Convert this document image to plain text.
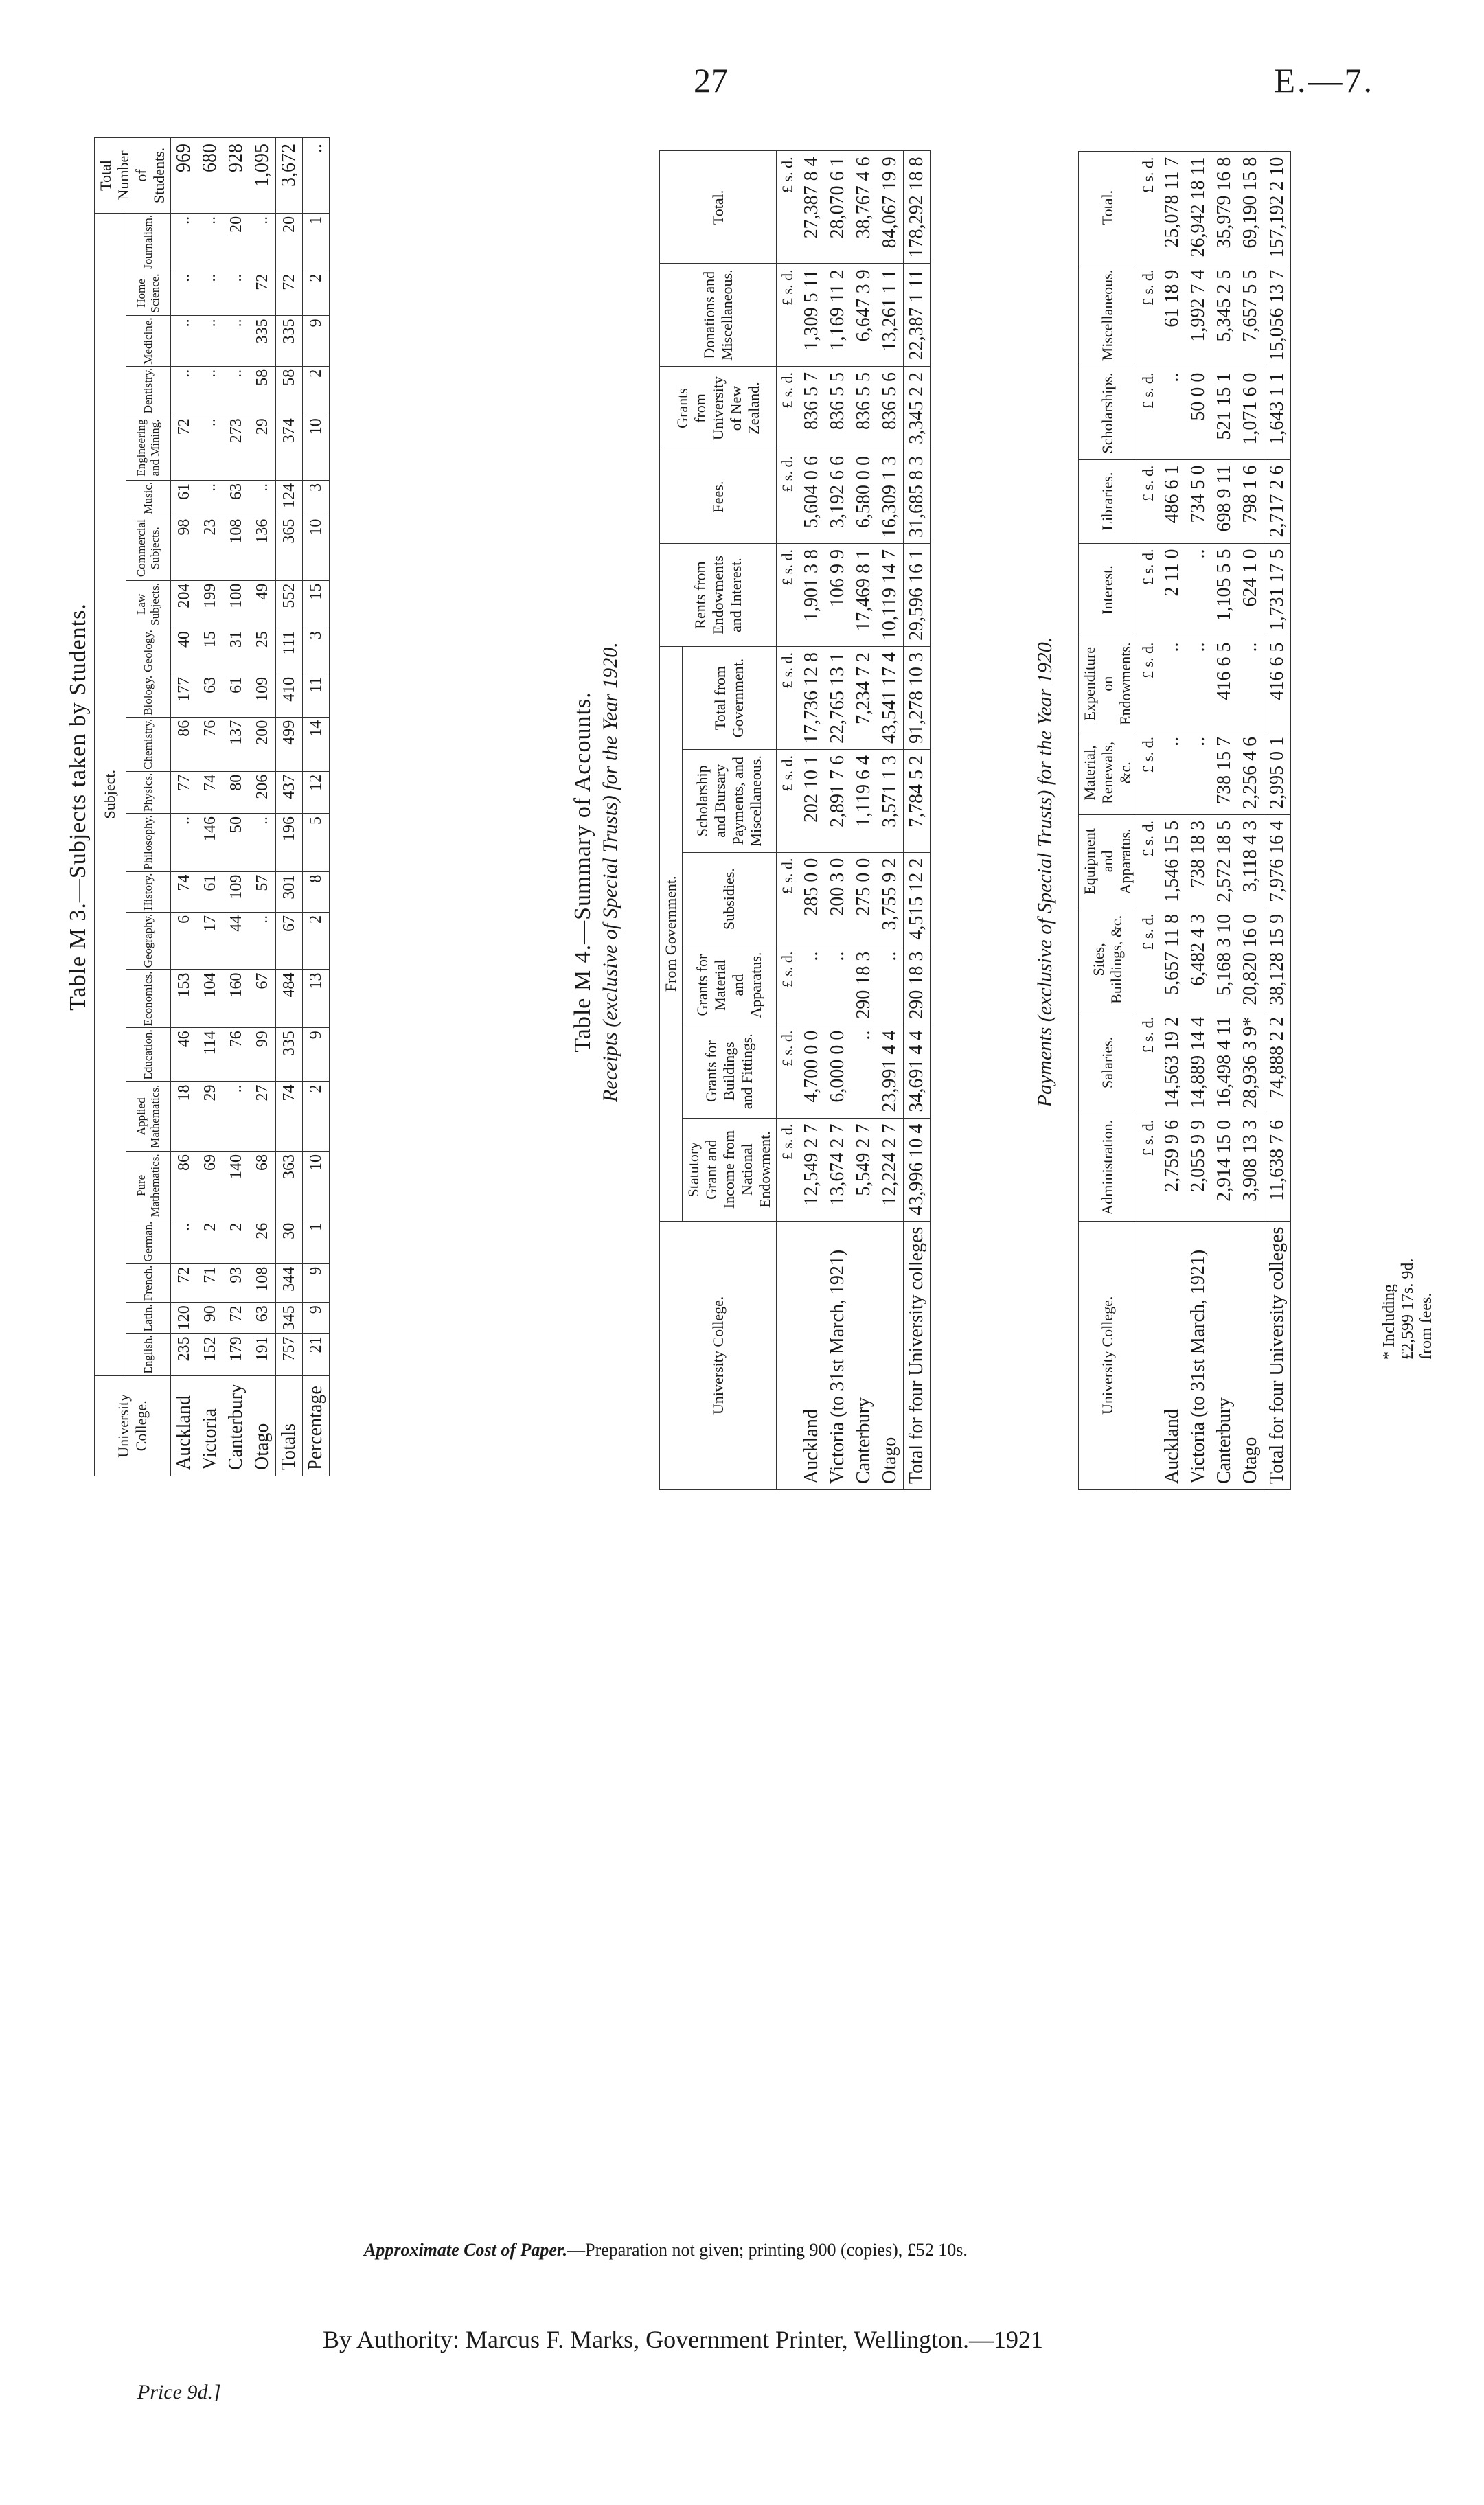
27	E.—7.
Table M 3.—Subjects taken by Students.
University College.	Subject.																							Total Number of Students.
	English.	Latin.	French.	German.	Pure Mathematics.	Applied Mathematics.	Education.	Economics.	Geography.	History.	Philosophy.	Physics.	Chemistry.	Biology.	Geology.	Law Subjects.	Commercial Subjects.	Music.	Engineering and Mining.	Dentistry.	Medicine.	Home Science.	Journalism.	
Auckland	235	120	72	..	86	18	46	153	6	74	..	77	86	177	40	204	98	61	72	..	..	..	..	969
Victoria	152	90	71	2	69	29	114	104	17	61	146	74	76	63	15	199	23	..	..	..	..	..	..	680
Canterbury	179	72	93	2	140	..	76	160	44	109	50	80	137	61	31	100	108	63	273	..	..	..	20	928
Otago	191	63	108	26	68	27	99	67	..	57	..	206	200	109	25	49	136	..	29	58	335	72	..	1,095
Totals	757	345	344	30	363	74	335	484	67	301	196	437	499	410	111	552	365	124	374	58	335	72	20	3,672
Percentage	21	9	9	1	10	2	9	13	2	8	5	12	14	11	3	15	10	3	10	2	9	2	1	..
Table M 4.—Summary of Accounts. Receipts (exclusive of Special Trusts) for the Year 1920.
University College.	From Government.						Rents from Endowments and Interest.	Fees.	Grants from University of New Zealand.	Donations and Miscellaneous.	Total.
	Statutory Grant and Income from National Endowment.	Grants for Buildings and Fittings.	Grants for Material and Apparatus.	Subsidies.	Scholarship and Bursary Payments, and Miscellaneous.	Total from Government.					
	£ s. d.	£ s. d.	£ s. d.	£ s. d.	£ s. d.	£ s. d.	£ s. d.	£ s. d.	£ s. d.	£ s. d.	£ s. d.
Auckland	12,549 2 7	4,700 0 0	..	285 0 0	202 10 1	17,736 12 8	1,901 3 8	5,604 0 6	836 5 7	1,309 5 11	27,387 8 4
Victoria (to 31st March, 1921)	13,674 2 7	6,000 0 0	..	200 3 0	2,891 7 6	22,765 13 1	106 9 9	3,192 6 6	836 5 5	1,169 11 2	28,070 6 1
Canterbury	5,549 2 7	..	290 18 3	275 0 0	1,119 6 4	7,234 7 2	17,469 8 1	6,580 0 0	836 5 5	6,647 3 9	38,767 4 6
Otago	12,224 2 7	23,991 4 4	..	3,755 9 2	3,571 1 3	43,541 17 4	10,119 14 7	16,309 1 3	836 5 6	13,261 1 1	84,067 19 9
Total for four University colleges	43,996 10 4	34,691 4 4	290 18 3	4,515 12 2	7,784 5 2	91,278 10 3	29,596 16 1	31,685 8 3	3,345 2 2	22,387 1 11	178,292 18 8
Payments (exclusive of Special Trusts) for the Year 1920.
University College.	Administration.	Salaries.	Sites, Buildings, &c.	Equipment and Apparatus.	Material, Renewals, &c.	Expenditure on Endowments.	Interest.	Libraries.	Scholarships.	Miscellaneous.	Total.
	£ s. d.	£ s. d.	£ s. d.	£ s. d.	£ s. d.	£ s. d.	£ s. d.	£ s. d.	£ s. d.	£ s. d.	£ s. d.
Auckland	2,759 9 6	14,563 19 2	5,657 11 8	1,546 15 5	..	..	2 11 0	486 6 1	..	61 18 9	25,078 11 7
Victoria (to 31st March, 1921)	2,055 9 9	14,889 14 4	6,482 4 3	738 18 3	..	..	..	734 5 0	50 0 0	1,992 7 4	26,942 18 11
Canterbury	2,914 15 0	16,498 4 11	5,168 3 10	2,572 18 5	738 15 7	416 6 5	1,105 5 5	698 9 11	521 15 1	5,345 2 5	35,979 16 8
Otago	3,908 13 3	28,936 3 9*	20,820 16 0	3,118 4 3	2,256 4 6	..	624 1 0	798 1 6	1,071 6 0	7,657 5 5	69,190 15 8
Total for four University colleges	11,638 7 6	74,888 2 2	38,128 15 9	7,976 16 4	2,995 0 1	416 6 5	1,731 17 5	2,717 2 6	1,643 1 1	15,056 13 7	157,192 2 10
* Including £2,599 17s. 9d. from fees.
Approximate Cost of Paper.—Preparation not given; printing 900 (copies), £52 10s.
By Authority: Marcus F. Marks, Government Printer, Wellington.—1921
Price 9d.]
